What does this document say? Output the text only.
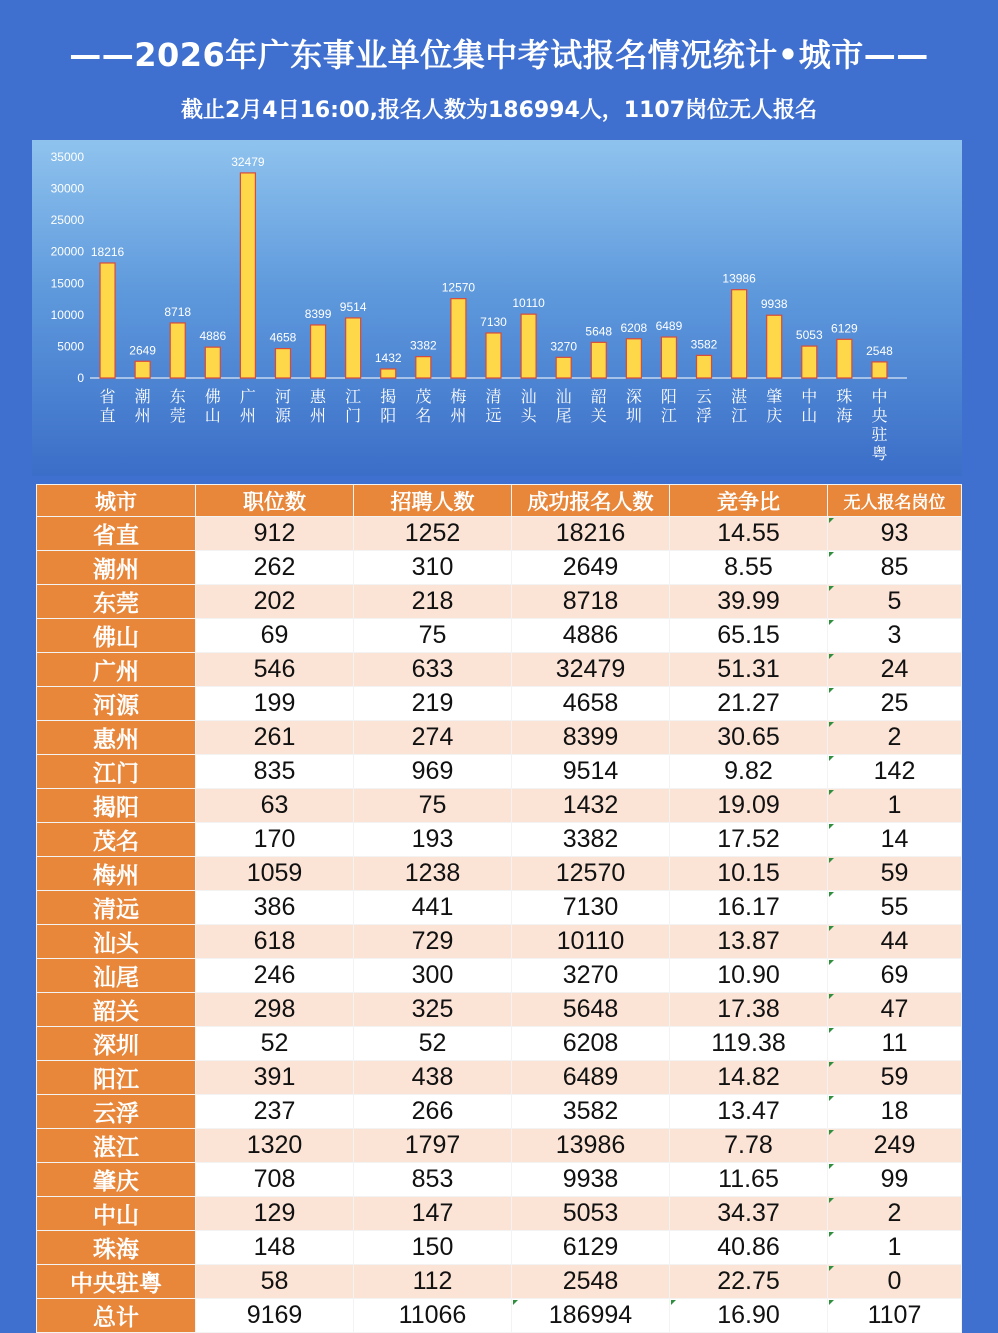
——2026年广东事业单位集中考试报名情况统计•城市——
截止2月4日16:00,报名人数为186994人，1107岗位无人报名
0
5000
10000
15000
20000
25000
30000
35000
18216
省
直
2649
潮
州
8718
东
莞
4886
佛
山
32479
广
州
4658
河
源
8399
惠
州
9514
江
门
1432
揭
阳
3382
茂
名
12570
梅
州
7130
清
远
10110
汕
头
3270
汕
尾
5648
韶
关
6208
深
圳
6489
阳
江
3582
云
浮
13986
湛
江
9938
肇
庆
5053
中
山
6129
珠
海
2548
中
央
驻
粤
城市	职位数	招聘人数	成功报名人数	竞争比	无人报名岗位
省直	912	1252	18216	14.55	93
潮州	262	310	2649	8.55	85
东莞	202	218	8718	39.99	5
佛山	69	75	4886	65.15	3
广州	546	633	32479	51.31	24
河源	199	219	4658	21.27	25
惠州	261	274	8399	30.65	2
江门	835	969	9514	9.82	142
揭阳	63	75	1432	19.09	1
茂名	170	193	3382	17.52	14
梅州	1059	1238	12570	10.15	59
清远	386	441	7130	16.17	55
汕头	618	729	10110	13.87	44
汕尾	246	300	3270	10.90	69
韶关	298	325	5648	17.38	47
深圳	52	52	6208	119.38	11
阳江	391	438	6489	14.82	59
云浮	237	266	3582	13.47	18
湛江	1320	1797	13986	7.78	249
肇庆	708	853	9938	11.65	99
中山	129	147	5053	34.37	2
珠海	148	150	6129	40.86	1
中央驻粤	58	112	2548	22.75	0
总计	9169	11066	186994	16.90	1107
